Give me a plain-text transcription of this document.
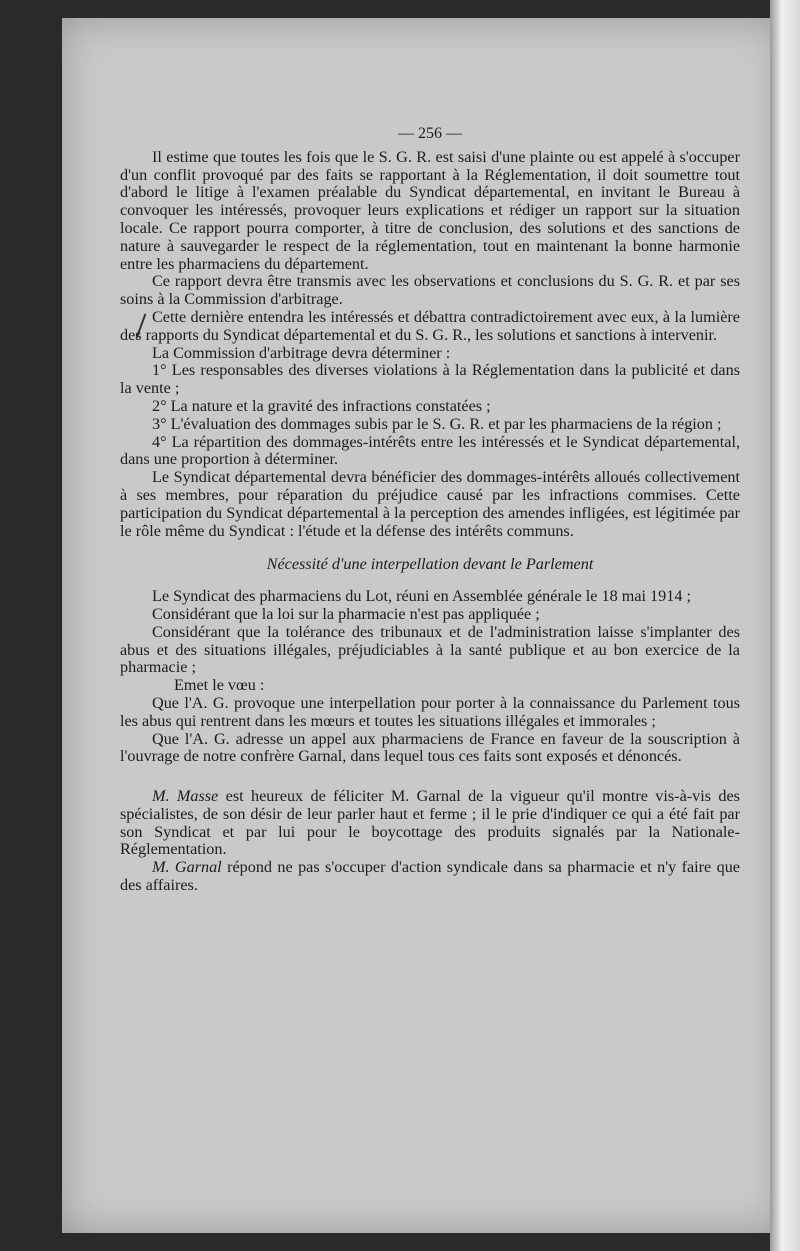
— 256 —

Il estime que toutes les fois que le S. G. R. est saisi d'une plainte ou est appelé à s'occuper d'un conflit provoqué par des faits se rapportant à la Réglementation, il doit soumettre tout d'abord le litige à l'examen préalable du Syndicat départemental, en invitant le Bureau à convoquer les intéressés, provoquer leurs explications et rédiger un rapport sur la situation locale. Ce rapport pourra comporter, à titre de conclusion, des solutions et des sanctions de nature à sauvegarder le respect de la réglementation, tout en maintenant la bonne harmonie entre les pharmaciens du département.

Ce rapport devra être transmis avec les observations et conclusions du S. G. R. et par ses soins à la Commission d'arbitrage.

Cette dernière entendra les intéressés et débattra contradictoirement avec eux, à la lumière des rapports du Syndicat départemental et du S. G. R., les solutions et sanctions à intervenir.

La Commission d'arbitrage devra déterminer :

1° Les responsables des diverses violations à la Réglementation dans la publicité et dans la vente ;

2° La nature et la gravité des infractions constatées ;

3° L'évaluation des dommages subis par le S. G. R. et par les pharmaciens de la région ;

4° La répartition des dommages-intérêts entre les intéressés et le Syndicat départemental, dans une proportion à déterminer.

Le Syndicat départemental devra bénéficier des dommages-intérêts alloués collectivement à ses membres, pour réparation du préjudice causé par les infractions commises. Cette participation du Syndicat départemental à la perception des amendes infligées, est légitimée par le rôle même du Syndicat : l'étude et la défense des intérêts communs.

Nécessité d'une interpellation devant le Parlement

Le Syndicat des pharmaciens du Lot, réuni en Assemblée générale le 18 mai 1914 ;

Considérant que la loi sur la pharmacie n'est pas appliquée ;

Considérant que la tolérance des tribunaux et de l'administration laisse s'implanter des abus et des situations illégales, préjudiciables à la santé publique et au bon exercice de la pharmacie ;

Emet le vœu :

Que l'A. G. provoque une interpellation pour porter à la connaissance du Parlement tous les abus qui rentrent dans les mœurs et toutes les situations illégales et immorales ;

Que l'A. G. adresse un appel aux pharmaciens de France en faveur de la souscription à l'ouvrage de notre confrère Garnal, dans lequel tous ces faits sont exposés et dénoncés.

M. Masse est heureux de féliciter M. Garnal de la vigueur qu'il montre vis-à-vis des spécialistes, de son désir de leur parler haut et ferme ; il le prie d'indiquer ce qui a été fait par son Syndicat et par lui pour le boycottage des produits signalés par la Nationale-Réglementation.

M. Garnal répond ne pas s'occuper d'action syndicale dans sa pharmacie et n'y faire que des affaires.
